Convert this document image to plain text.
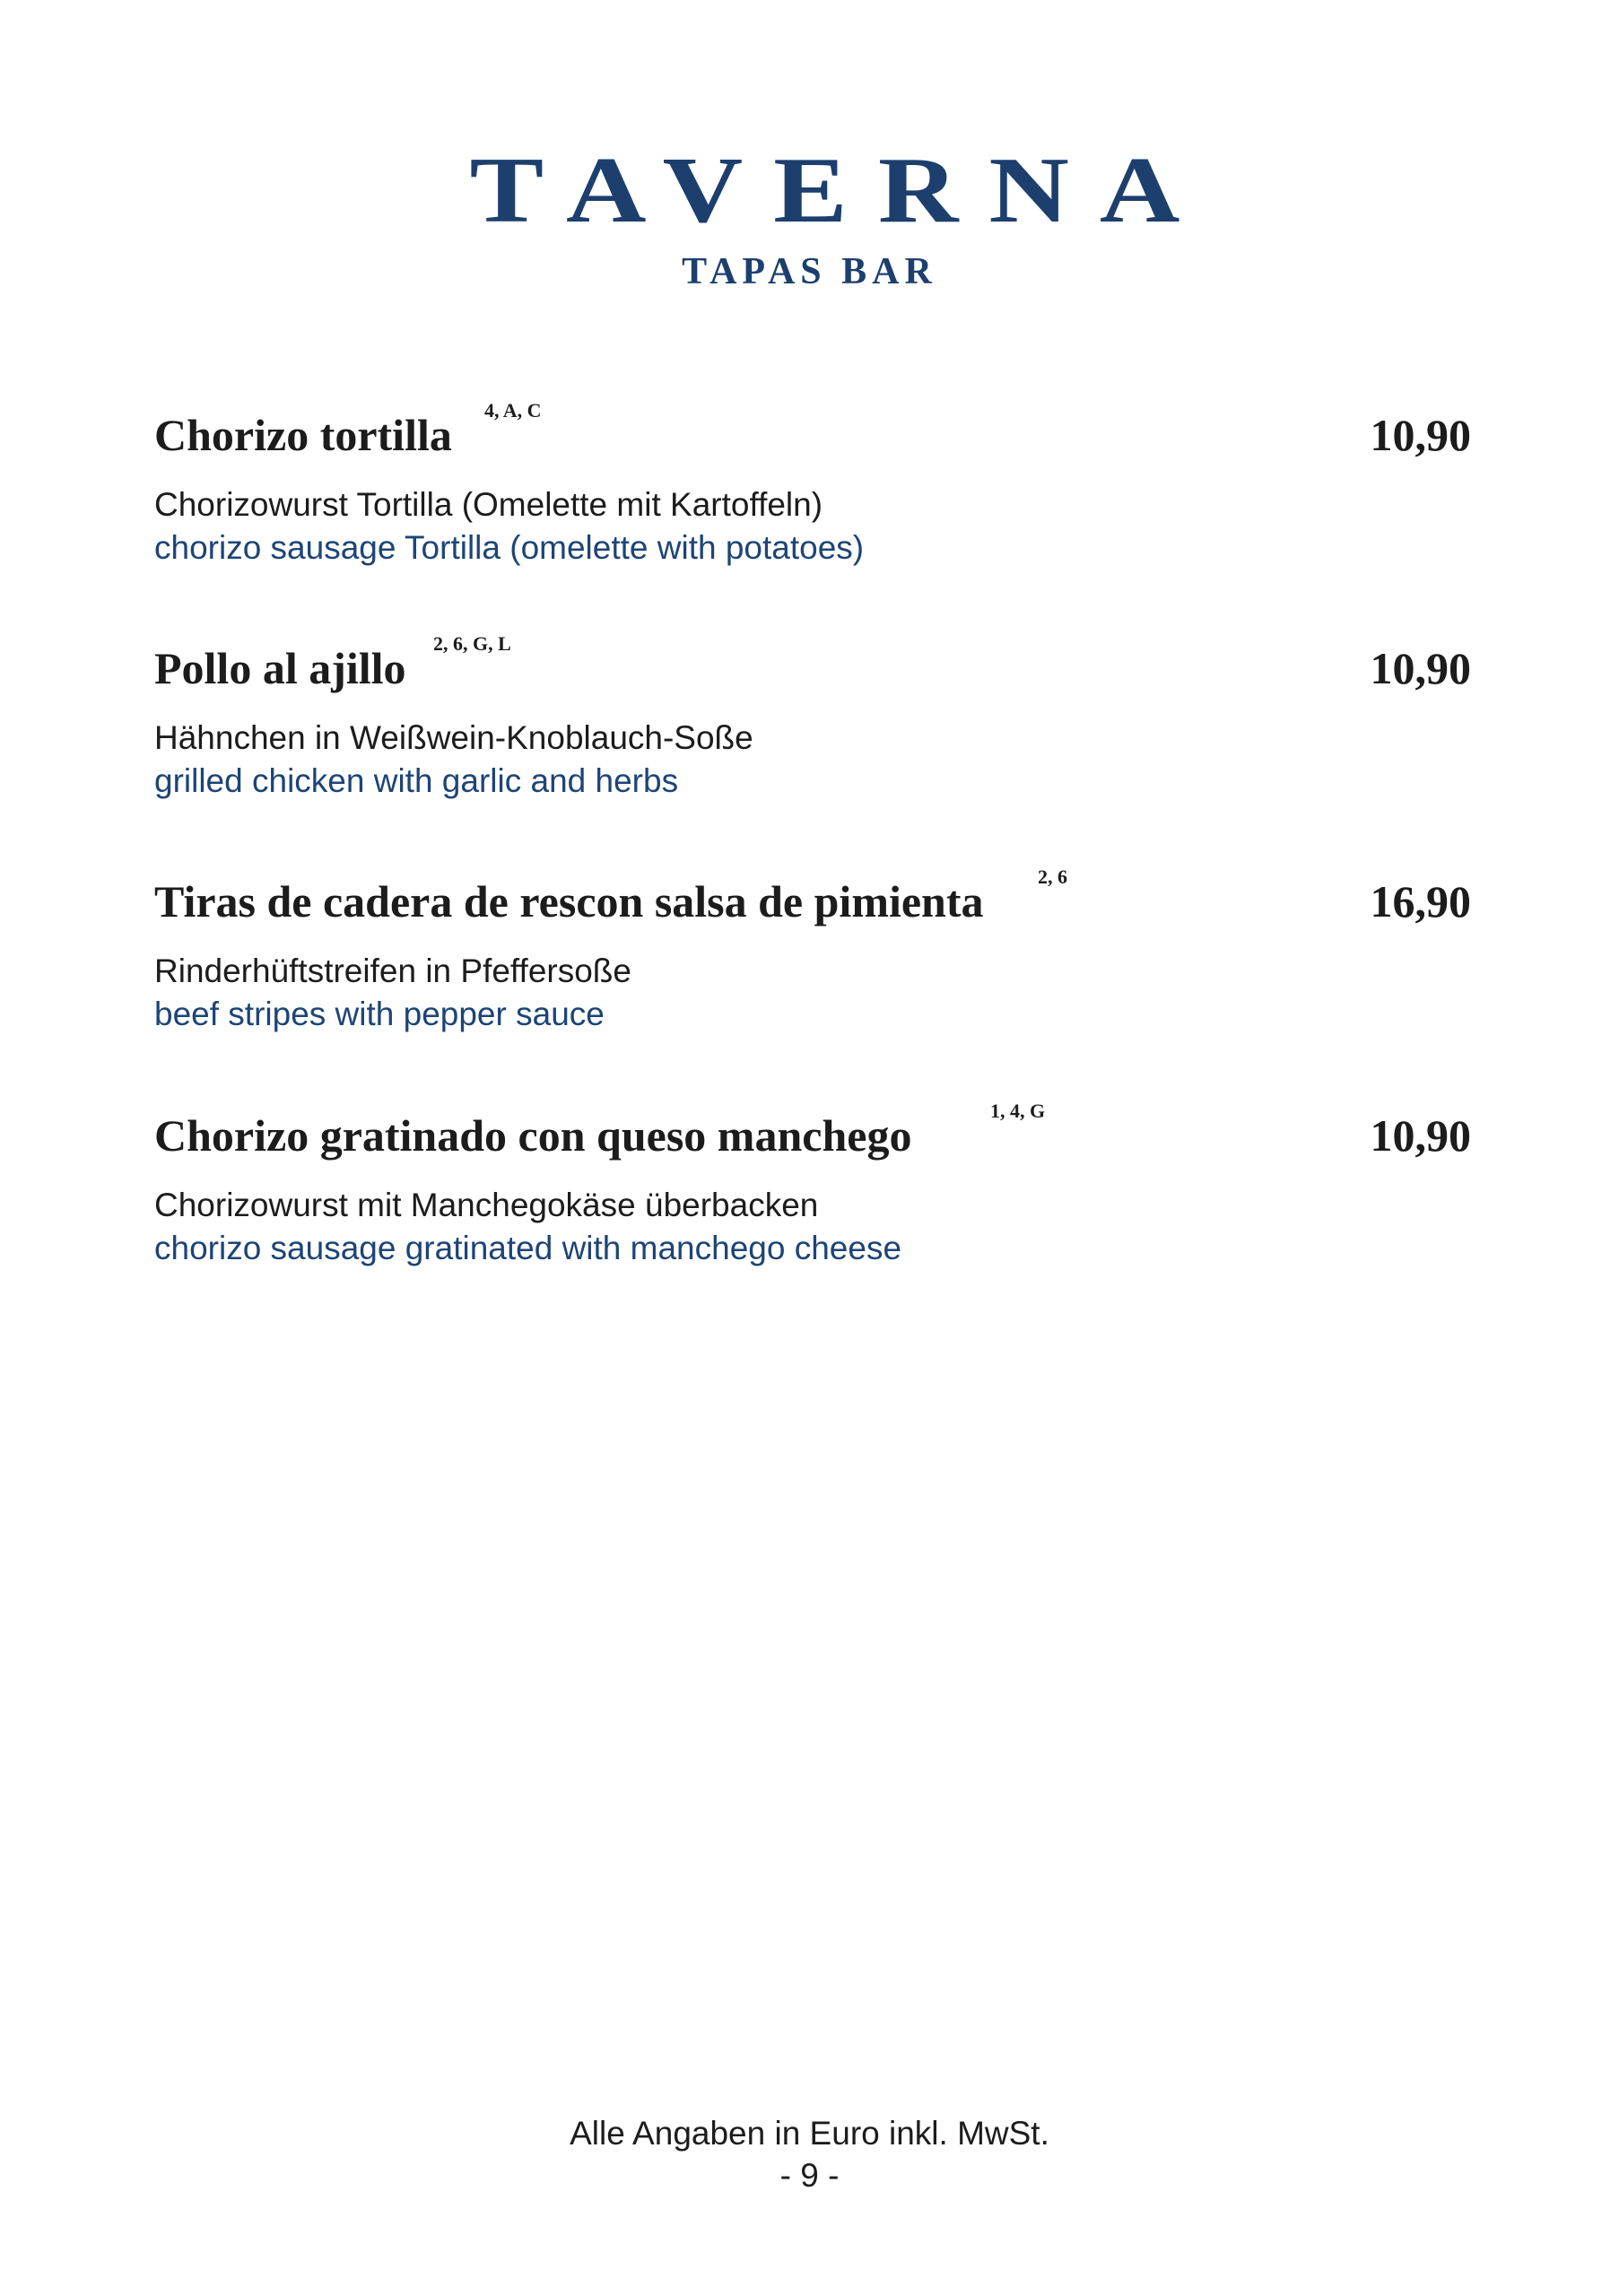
TAVERNA
TAPAS BAR
Chorizo tortilla 4, A, C	10,90
Chorizowurst Tortilla (Omelette mit Kartoffeln)
chorizo sausage Tortilla (omelette with potatoes)
Pollo al ajillo 2, 6, G, L	10,90
Hähnchen in Weißwein-Knoblauch-Soße
grilled chicken with garlic and herbs
Tiras de cadera de rescon salsa de pimienta	2, 6	16,90
Rinderhüftstreifen in Pfeffersoße
beef stripes with pepper sauce
Chorizo gratinado con queso manchego	1, 4, G	10,90
Chorizowurst mit Manchegokäse überbacken
chorizo sausage gratinated with manchego cheese
Alle Angaben in Euro inkl. MwSt.
- 9 -
